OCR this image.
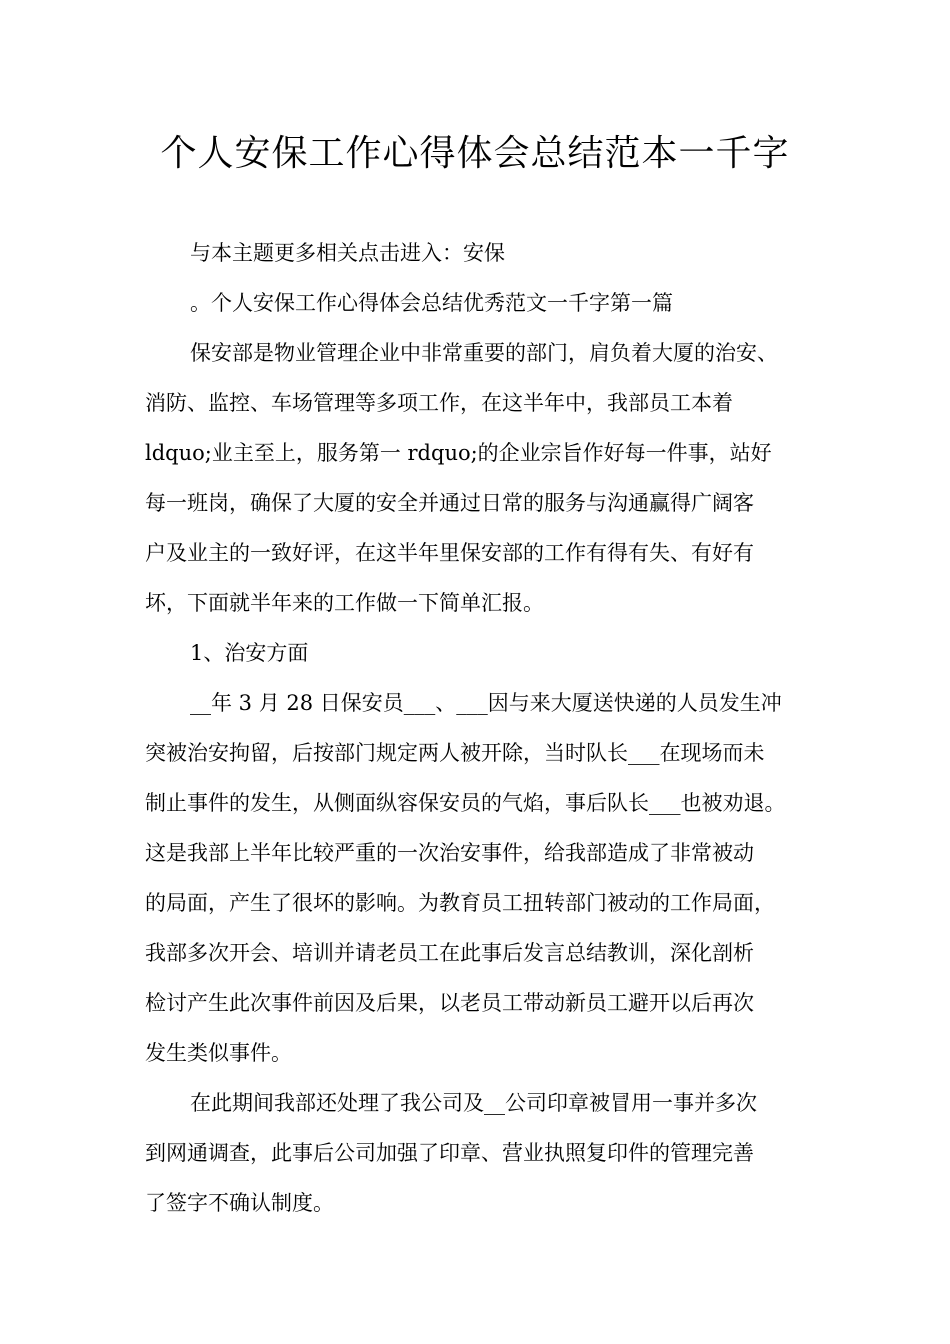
个人安保工作心得体会总结范本一千字
与本主题更多相关点击进入：安保
。个人安保工作心得体会总结优秀范文一千字第一篇
保安部是物业管理企业中非常重要的部门，肩负着大厦的治安、
消防、监控、车场管理等多项工作，在这半年中，我部员工本着
ldquo;业主至上，服务第一 rdquo;的企业宗旨作好每一件事，站好
每一班岗，确保了大厦的安全并通过日常的服务与沟通赢得广阔客
户及业主的一致好评，在这半年里保安部的工作有得有失、有好有
坏，下面就半年来的工作做一下简单汇报。
1、治安方面
__年 3 月 28 日保安员___、___因与来大厦送快递的人员发生冲
突被治安拘留，后按部门规定两人被开除，当时队长___在现场而未
制止事件的发生，从侧面纵容保安员的气焰，事后队长___也被劝退。
这是我部上半年比较严重的一次治安事件，给我部造成了非常被动
的局面，产生了很坏的影响。为教育员工扭转部门被动的工作局面，
我部多次开会、培训并请老员工在此事后发言总结教训，深化剖析
检讨产生此次事件前因及后果，以老员工带动新员工避开以后再次
发生类似事件。
在此期间我部还处理了我公司及__公司印章被冒用一事并多次
到网通调查，此事后公司加强了印章、营业执照复印件的管理完善
了签字不确认制度。
